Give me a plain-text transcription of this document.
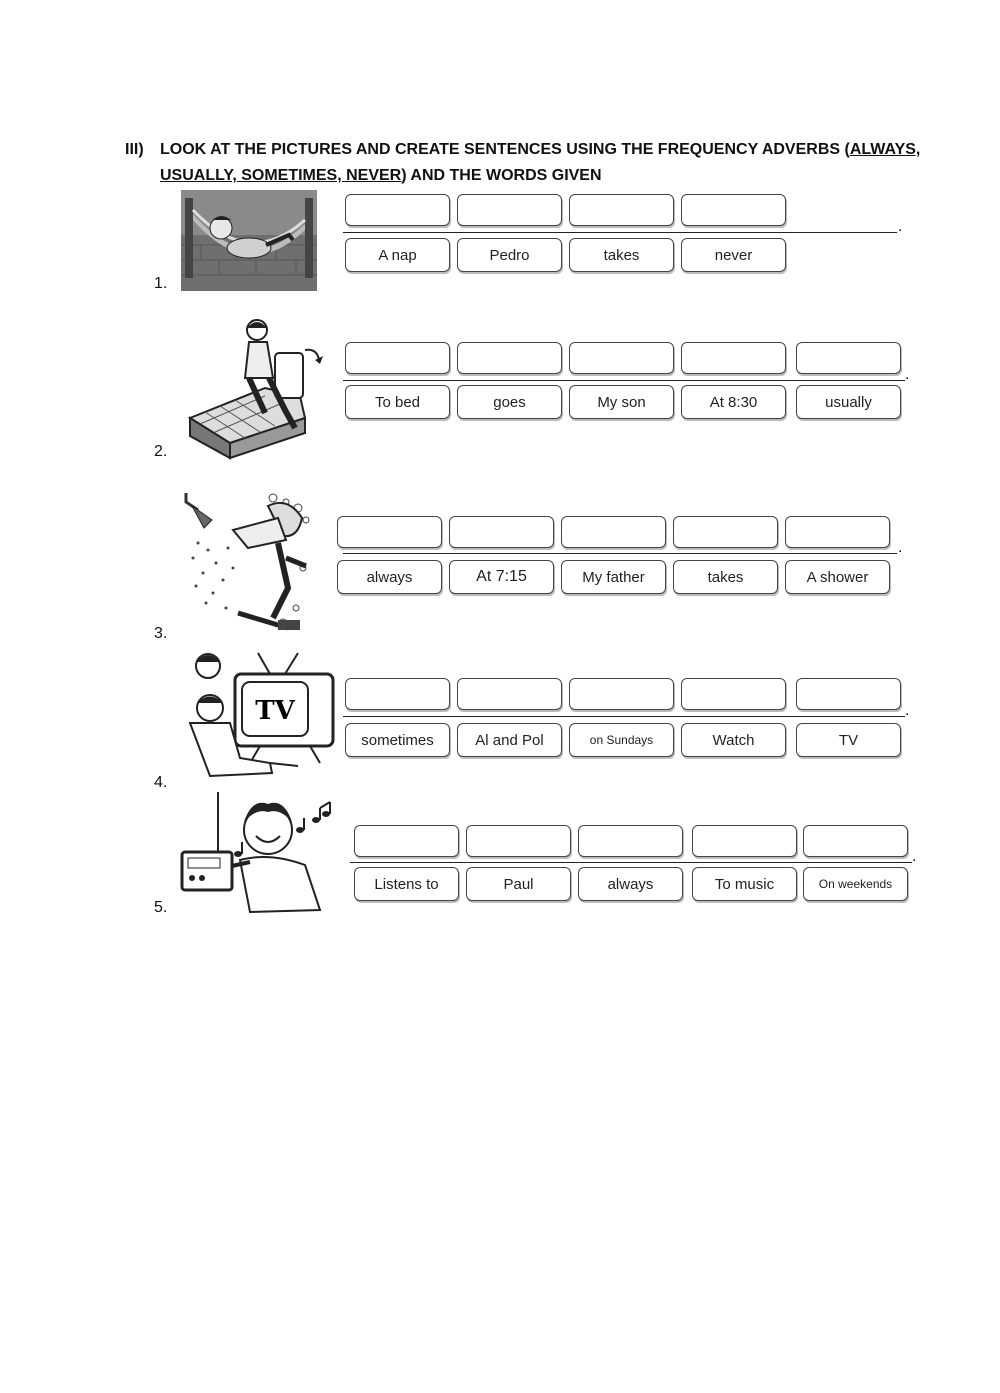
III) LOOK AT THE PICTURES AND CREATE SENTENCES USING THE FREQUENCY ADVERBS (ALWAYS,
USUALLY, SOMETIMES, NEVER) AND THE WORDS GIVEN
1.
.
A nap	Pedro	takes	never
2.
.
To bed	goes	My son	At 8:30	usually
3.
.
always	At 7:15	My father	takes	A shower
4.
TV	.
sometimes	Al and Pol	on Sundays	Watch	TV
5.
.
Listens to	Paul	always	To music	On weekends
